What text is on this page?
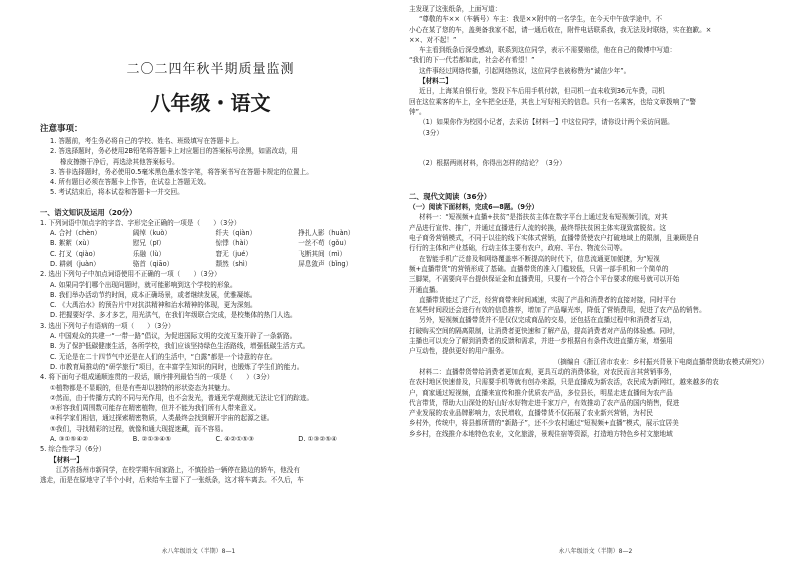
二〇二四年秋半期质量监测
八年级・语文
注意事项：
1. 答题前，考生务必将自己的学校、姓名、班级填写在答题卡上。
2. 答选择题时，务必使用2B铅笔将答题卡上对应题目的答案标号涂黑，如需改动，用
橡皮擦擦干净后，再选涂其他答案标号。
3. 答非选择题时，务必使用0.5毫米黑色墨水签字笔，将答案书写在答题卡规定的位置上。
4. 所有题目必须在答题卡上作答，在试卷上答题无效。
5. 考试结束后，将本试卷和答题卡一并交回。
一、语文知识及运用（20分）
1. 下列词语中加点字的字音、字形完全正确的一项是（　　）（3分）
A. 合衬（chèn）	阔绰（kuò）	纤夫（qiàn）	挣扎人影（huàn）
B. 絮絮（xù）	慰兄（pī）	惊悸（hài）	一丝不苟（gǒu）
C. 打叉（qiào）	乐融（lù）	窘无（jué）	飞断其间（mì）
D. 耕刺（juàn）	骆首（qiāo）	颓然（shì）	屏息敛声（bǐng）
2. 选出下列句子中加点词语使用不正确的一项（　　）（3分）
A. 如果同学们哪个出现问题时，就可能影响到这个学校的形象。
B. 我们举办活动节约时间，成本正确场景，或者继续发展，优雅凝练。
C. 《大禹治水》的预告片中对抗洪精神和治水精神的体现，更为深刻。
D. 把握要好学、多才多艺，用光洪气，在我们年级联合完成，是校集体的热门人选。
3. 选出下列句子有语病的一项（　　）（3分）
A. 中国观众的共建一“一带一路”倡议，为促进国际文明的交流互鉴开辟了一条新路。
B. 为了保护低碳健康生活，各所学校，我们应该坚持绿色生活路线，增强低碳生活方式。
C. 无论是在二十四节气中还是在人们的生活中，“白露”都是一个诗意的存在。
D. 市教育局推动的“研学旅行”项目，在丰富学生知识的同时，也锻炼了学生们的能力。
4. 将下面句子组成通顺连贯的一段话，顺序排列最恰当的一项是（　　）（3分）
①植物都是不显眼的，但是有些却以独特的形状姿态为其魅力。
②然而，由于传播方式的不同与光作用，也不会发光，普通光学观测就无法让它们的踪迹。
③形容我们周围数可能存在精密植物，但并不能为我们所有人带来意义。
④科学家们相信，通过探索精密物质，人类最终会找到解开宇宙的起源之谜。
⑤我们，寻找精彩的过程，就像和通大现捉迷藏，而不容易。
A. ③①⑤④②	B. ②①③④⑤	C. ④②①⑤③	D. ①③②⑤④
5. 综合性学习（6分）
【材料一】
江苏省扬州市新同学，在校学期车间家路上，不慎捡拾一辆停在路边的轿车，他没有
逃走，而是在原地守了半个小时，后来给车主留下了一张纸条，这才将车离去。不久后，车
永八年级语文（半期）8—1
主发现了这张纸条，上面写道：
“尊敬的车××（车辆号）车主：我是××附中的一名学生，在今天中午放学途中，不
小心在某了您的车，盖奥备我家不起，请一通后收在，附件电话联系我，我无法及时联络，实在抱歉。×
××、对不起！”
车主看到纸条后深受感动，联系到这位同学，表示不需要赔偿，他在自己的微博中写道：
“我们的下一代若都如此，社会必有希望！”
这件事经过网络传播，引起网络热议，这位同学也被称赞为“诚信少年”。
【材料二】
近日，上海某自银行业，签段下车后用手机付款，但司机一直未收到36元车费，司机
回在这位乘客的车上，全车把全还是，其也上写好相关的信息。只有一名乘客，也给文章拨响了“警
钟”。
（1）如果你作为校园小记者，去采访【材料一】中这位同学，请你设计两个采访问题。
（3分）
（2）根据两则材料，你得出怎样的结论？（3分）
二、现代文阅读（36分）
（一）阅读下面材料，完成6—8题。（9分）
材料一：“短视频+直播+扶贫”是指扶贫主体在数字平台上通过发布短视频引流，对其
产品进行宣传、推广，并通过直播进行人流的转换，最终帮扶贫困主体实现致富脱贫。这
电子商务营销模式，不同于以往的线下实体式营销，直播带货使农户打破地域上的限制，且兼顾是自
行行的主体和产业基础，行动主体主要有农户，政府、平台、物流公司等。
在智能手机广泛普及和网络覆盖率不断提高的时代下，信息流通更加便捷，为“短视
频+直播带货”的营销形成了基础。直播带货的准入门槛较低，只需一部手机和一个简单的
三脚架，不需要向平台提供保证金和直播费用，只要有一个符合个平台要求的账号就可以开始
开通直播。
直播带货能过了广泛，经营商带来时间减速，实现了产品和消费者的直接对接，同时平台
在某些时间段还会进行有效的信息推荐，增加了产品曝光率，降低了营销费用，促进了农产品的销售。
另外，短视频直播带货并不是仅仅完成商品的交易，还包括在直播过程中和消费者互动，
打破购买空间的隔离限制，让消费者更快速和了解产品，提高消费者对产品的体验感。同时，
主播也可以充分了解到消费者的反馈和需求，并进一步根据自有条件改进直播方案，增强用
户互动性，提供更好的用户服务。
（摘编自《浙江省市农业：乡村振兴背景下电商直播带货助农模式研究》）
材料二：直播带货带给消费者更加直观，更具互动的消费体验，对农民而言其营销事务，
在农村地区快速普及，只需要手机等就有创办来源，只是直播成为新农活，农民成为新网红，越来越多的农
户，商家通过短视频，直播来宣传和推介优质农产品，多位县长，明星走进直播间为农产品
代言带货，帮助大山深处的好山好水好物走进千家万户，有效推动了农产品的国内销售，促进
产业发展的农业品牌影响力，农民增收，直播带货不仅拓展了农业新兴营销，为村民
乡村外，传统中，将县都所谓的“新路子”，还不少农村通过“短视频+直播”模式，展示宜居美
乡乡村，在线推介本地特色农业，文化旅游，景观住宿等资源，打造地方特色乡村文旅地域
永八年级语文（半期）8—2
